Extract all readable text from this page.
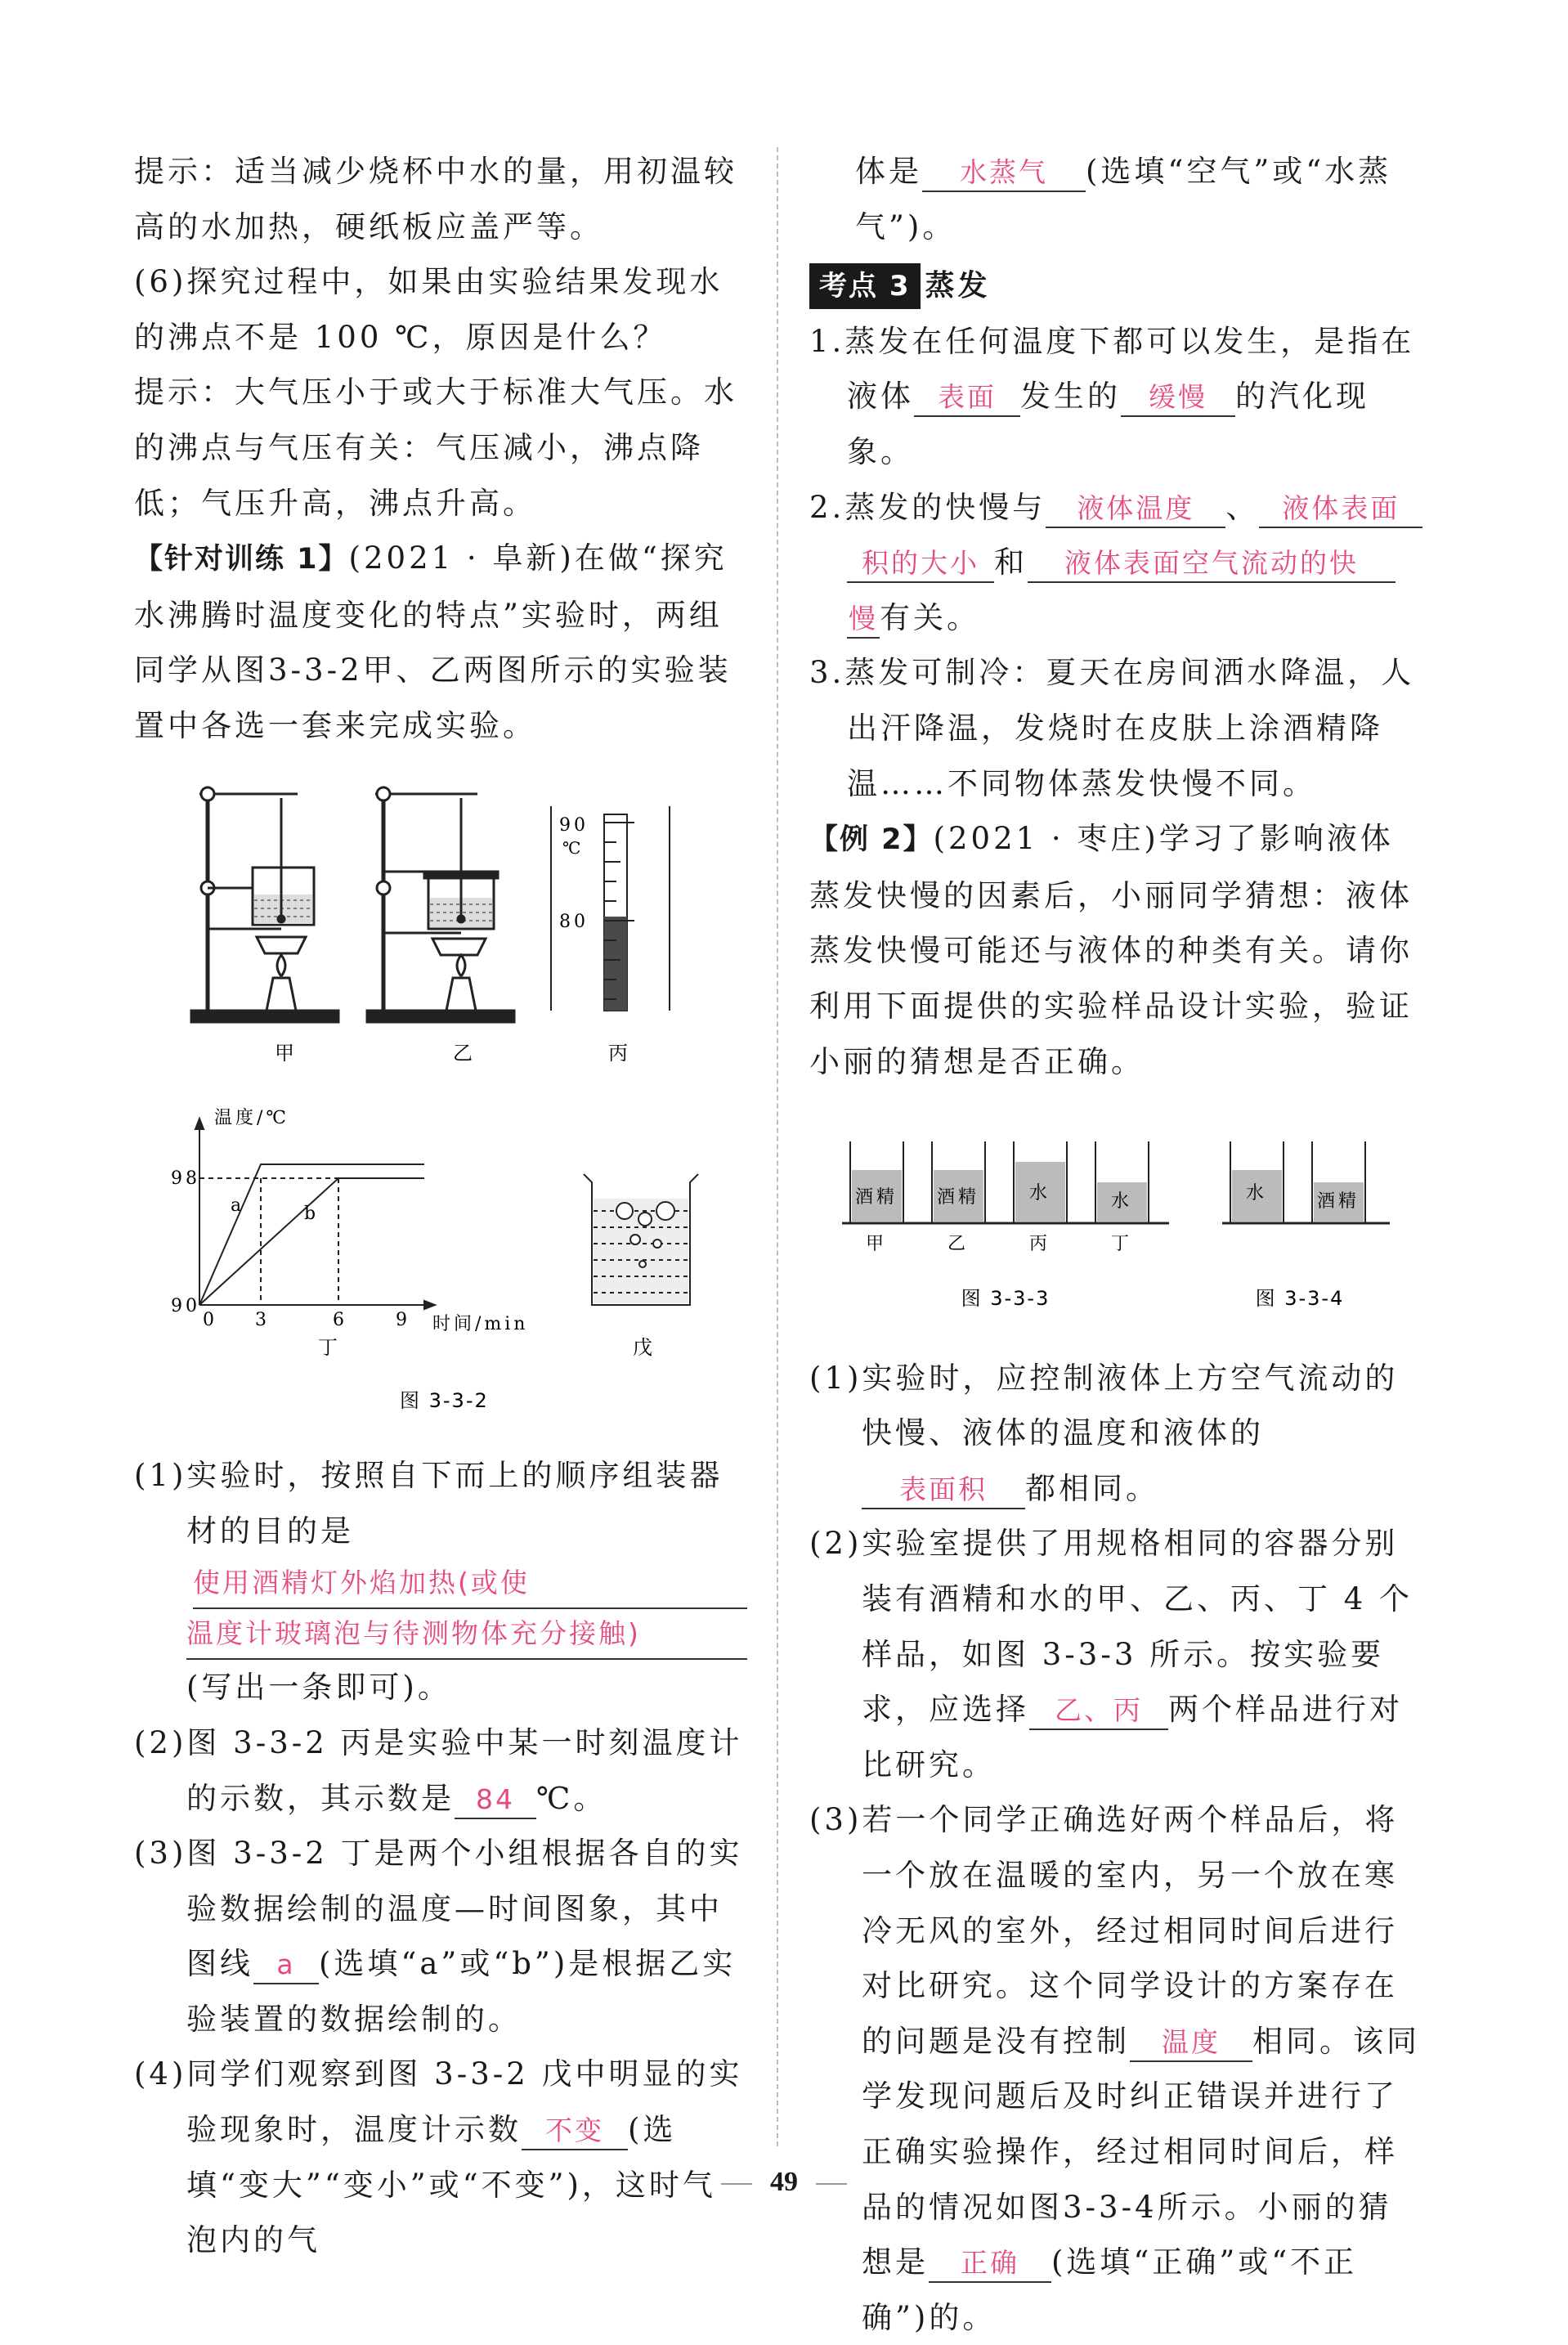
提示：适当减少烧杯中水的量，用初温较高的水加热，硬纸板应盖严等。

(6)探究过程中，如果由实验结果发现水的沸点不是 100 ℃，原因是什么？

提示：大气压小于或大于标准大气压。水的沸点与气压有关：气压减小，沸点降低；气压升高，沸点升高。

【针对训练 1】(2021 · 阜新)在做“探究水沸腾时温度变化的特点”实验时，两组同学从图3-3-2甲、乙两图所示的实验装置中各选一套来完成实验。

甲	乙
90
℃
80
丙
温度/℃
时间/min
98
90
0 3	6	9
a	b
丁	戊
图 3-3-2

(1)实验时，按照自下而上的顺序组装器材的目的是
使用酒精灯外焰加热(或使
温度计玻璃泡与待测物体充分接触)
(写出一条即可)。

(2)图 3-3-2 丙是实验中某一时刻温度计的示数，其示数是 84 ℃。

(3)图 3-3-2 丁是两个小组根据各自的实验数据绘制的温度—时间图象，其中图线 a (选填“a”或“b”)是根据乙实验装置的数据绘制的。

(4)同学们观察到图 3-3-2 戊中明显的实验现象时，温度计示数 不变 (选填“变大”“变小”或“不变”)，这时气泡内的气

体是 水蒸气 (选填“空气”或“水蒸气”)。

考点 3 蒸发

1.蒸发在任何温度下都可以发生，是指在液体 表面 发生的 缓慢 的汽化现象。

2.蒸发的快慢与 液体温度 、 液体表面积的大小 和 液体表面空气流动的快慢有关。

3.蒸发可制冷：夏天在房间洒水降温，人出汗降温，发烧时在皮肤上涂酒精降温……不同物体蒸发快慢不同。

【例 2】(2021 · 枣庄)学习了影响液体蒸发快慢的因素后，小丽同学猜想：液体蒸发快慢可能还与液体的种类有关。请你利用下面提供的实验样品设计实验，验证小丽的猜想是否正确。

酒精 酒精	水	水
甲	乙	丙	丁
水	酒精
图 3-3-3	图 3-3-4

(1)实验时，应控制液体上方空气流动的快慢、液体的温度和液体的表面积 都相同。

(2)实验室提供了用规格相同的容器分别装有酒精和水的甲、乙、丙、丁 4 个样品，如图 3-3-3 所示。按实验要求，应选择 乙、丙 两个样品进行对比研究。

(3)若一个同学正确选好两个样品后，将一个放在温暖的室内，另一个放在寒冷无风的室外，经过相同时间后进行对比研究。这个同学设计的方案存在的问题是没有控制 温度 相同。该同学发现问题后及时纠正错误并进行了正确实验操作，经过相同时间后，样品的情况如图3-3-4所示。小丽的猜想是 正确 (选填“正确”或“不正确”)的。

49
